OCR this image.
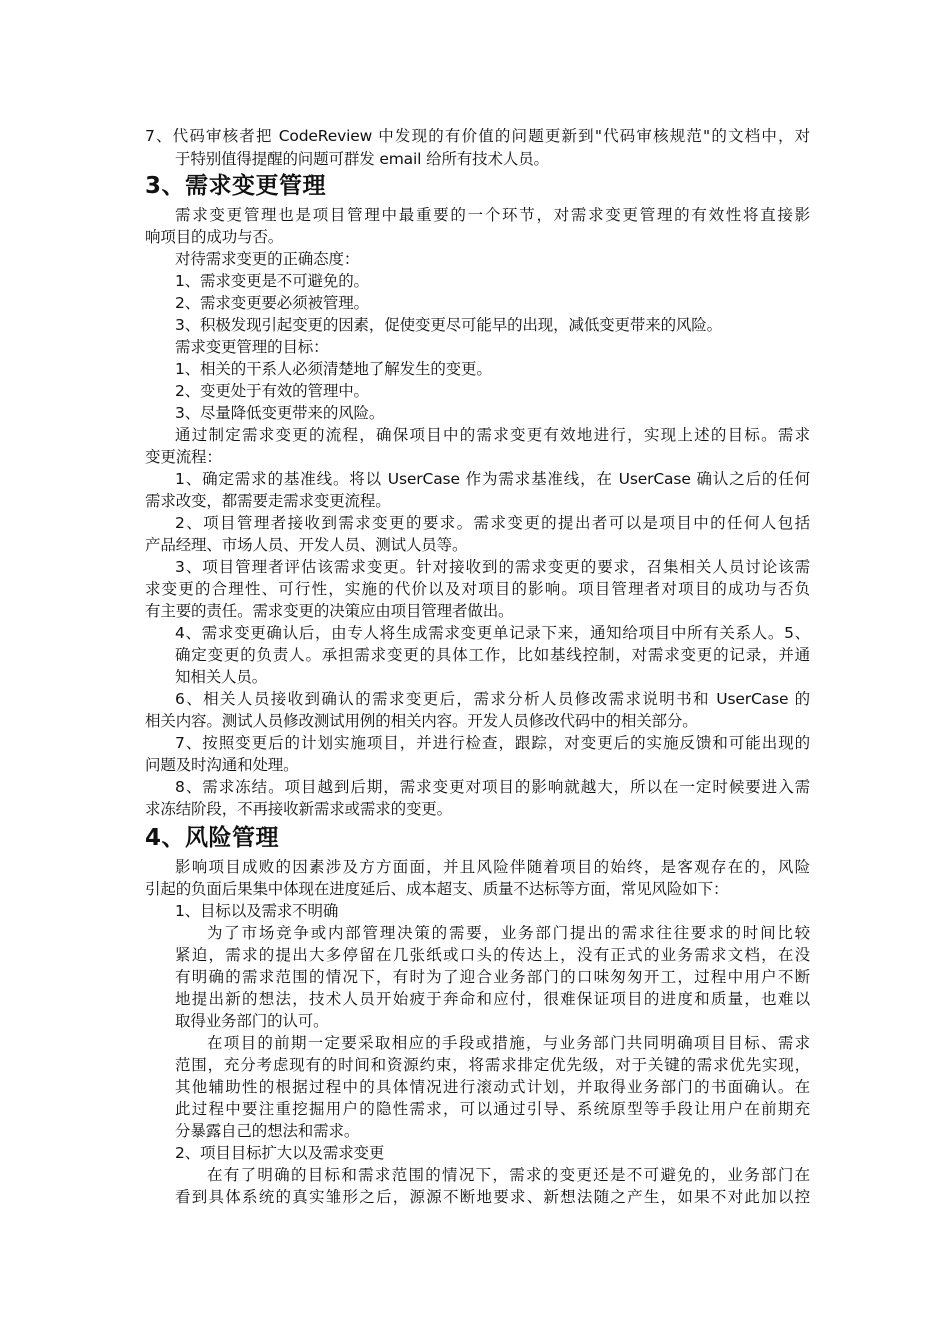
7、代码审核者把 CodeReview 中发现的有价值的问题更新到"代码审核规范"的文档中，对
于特别值得提醒的问题可群发 email 给所有技术人员。
3、需求变更管理
需求变更管理也是项目管理中最重要的一个环节，对需求变更管理的有效性将直接影
响项目的成功与否。
对待需求变更的正确态度：
1、需求变更是不可避免的。
2、需求变更要必须被管理。
3、积极发现引起变更的因素，促使变更尽可能早的出现，减低变更带来的风险。
需求变更管理的目标：
1、相关的干系人必须清楚地了解发生的变更。
2、变更处于有效的管理中。
3、尽量降低变更带来的风险。
通过制定需求变更的流程，确保项目中的需求变更有效地进行，实现上述的目标。需求
变更流程：
1、确定需求的基准线。将以 UserCase 作为需求基准线，在 UserCase 确认之后的任何
需求改变，都需要走需求变更流程。
2、项目管理者接收到需求变更的要求。需求变更的提出者可以是项目中的任何人包括
产品经理、市场人员、开发人员、测试人员等。
3、项目管理者评估该需求变更。针对接收到的需求变更的要求，召集相关人员讨论该需
求变更的合理性、可行性，实施的代价以及对项目的影响。项目管理者对项目的成功与否负
有主要的责任。需求变更的决策应由项目管理者做出。
4、需求变更确认后，由专人将生成需求变更单记录下来，通知给项目中所有关系人。5、
确定变更的负责人。承担需求变更的具体工作，比如基线控制，对需求变更的记录，并通
知相关人员。
6、相关人员接收到确认的需求变更后，需求分析人员修改需求说明书和 UserCase 的
相关内容。测试人员修改测试用例的相关内容。开发人员修改代码中的相关部分。
7、按照变更后的计划实施项目，并进行检查，跟踪，对变更后的实施反馈和可能出现的
问题及时沟通和处理。
8、需求冻结。项目越到后期，需求变更对项目的影响就越大，所以在一定时候要进入需
求冻结阶段，不再接收新需求或需求的变更。
4、风险管理
影响项目成败的因素涉及方方面面，并且风险伴随着项目的始终，是客观存在的，风险
引起的负面后果集中体现在进度延后、成本超支、质量不达标等方面，常见风险如下：
1、目标以及需求不明确
为了市场竞争或内部管理决策的需要，业务部门提出的需求往往要求的时间比较
紧迫，需求的提出大多停留在几张纸或口头的传达上，没有正式的业务需求文档，在没
有明确的需求范围的情况下，有时为了迎合业务部门的口味匆匆开工，过程中用户不断
地提出新的想法，技术人员开始疲于奔命和应付，很难保证项目的进度和质量，也难以
取得业务部门的认可。
在项目的前期一定要采取相应的手段或措施，与业务部门共同明确项目目标、需求
范围，充分考虑现有的时间和资源约束，将需求排定优先级，对于关键的需求优先实现，
其他辅助性的根据过程中的具体情况进行滚动式计划，并取得业务部门的书面确认。在
此过程中要注重挖掘用户的隐性需求，可以通过引导、系统原型等手段让用户在前期充
分暴露自己的想法和需求。
2、项目目标扩大以及需求变更
在有了明确的目标和需求范围的情况下，需求的变更还是不可避免的，业务部门在
看到具体系统的真实雏形之后，源源不断地要求、新想法随之产生，如果不对此加以控
